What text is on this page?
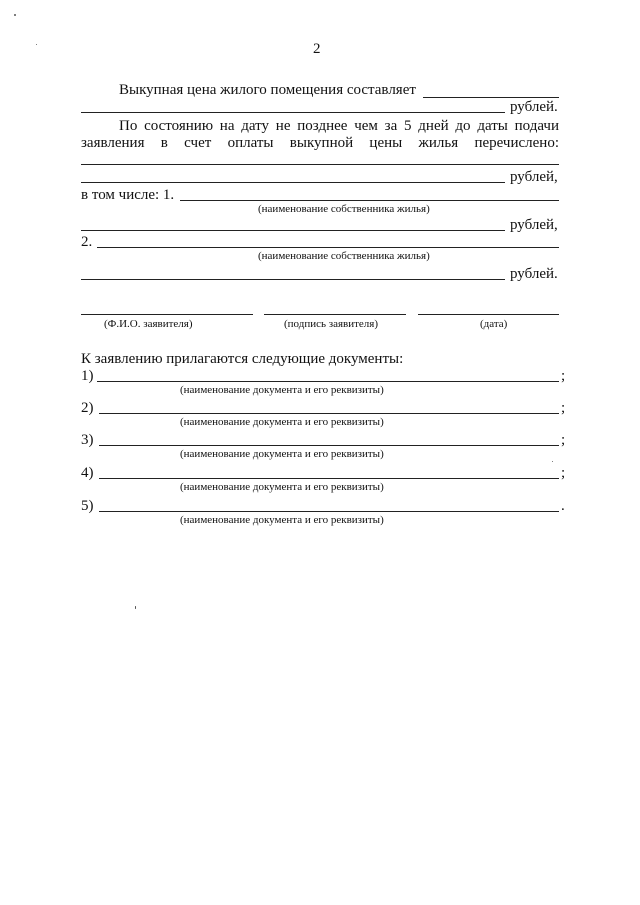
2
Выкупная цена жилого помещения составляет
рублей.
По состоянию на дату не позднее чем за 5 дней до даты подачи
заявления в счет оплаты выкупной цены жилья перечислено:
рублей,
в том числе: 1.
(наименование собственника жилья)
рублей,
2.
(наименование собственника жилья)
рублей.
(Ф.И.О. заявителя)	(подпись заявителя)	(дата)
К заявлению прилагаются следующие документы:
1)	;
(наименование документа и его реквизиты)
2)	;
(наименование документа и его реквизиты)
3)	;
(наименование документа и его реквизиты)
4)	;
(наименование документа и его реквизиты)
5)	.
(наименование документа и его реквизиты)
